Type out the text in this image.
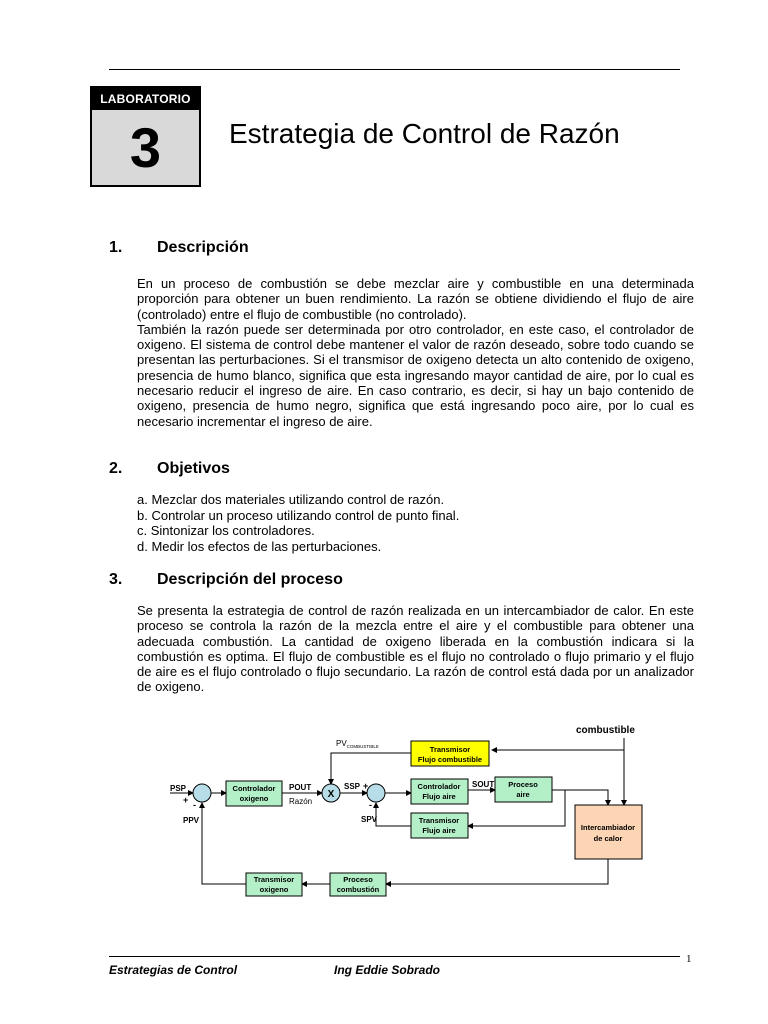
LABORATORIO
3	Estrategia de Control de Razón
1. Descripción

En un proceso de combustión se debe mezclar aire y combustible en una determinada proporción para obtener un buen rendimiento. La razón se obtiene dividiendo el flujo de aire (controlado) entre el flujo de combustible (no controlado).

También la razón puede ser determinada por otro controlador, en este caso, el controlador de oxigeno. El sistema de control debe mantener el valor de razón deseado, sobre todo cuando se presentan las perturbaciones. Si el transmisor de oxigeno detecta un alto contenido de oxigeno, presencia de humo blanco, significa que esta ingresando mayor cantidad de aire, por lo cual es necesario reducir el ingreso de aire. En caso contrario, es decir, si hay un bajo contenido de oxigeno, presencia de humo negro, significa que está ingresando poco aire, por lo cual es necesario incrementar el ingreso de aire.

2. Objetivos
a. Mezclar dos materiales utilizando control de razón.
b. Controlar un proceso utilizando control de punto final.
c. Sintonizar los controladores.
d. Medir los efectos de las perturbaciones.
3. Descripción del proceso

Se presenta la estrategia de control de razón realizada en un intercambiador de calor. En este proceso se controla la razón de la mezcla entre el aire y el combustible para obtener una adecuada combustión. La cantidad de oxigeno liberada en la combustión indicara si la combustión es optima. El flujo de combustible es el flujo no controlado o flujo primario y el flujo de aire es el flujo controlado o flujo secundario. La razón de control está dada por un analizador de oxigeno.

combustible
Transmisor
Flujo combustible
$PV_{COMBUSTIBLE}$
PSP
+ -
PPV
Controlador
oxigeno
POUT
Razón
X
SSP +
-
SPV
Controlador
Flujo aire
SOUT Proceso
aire
Transmisor
Flujo aire	Intercambiador
de calor
Proceso
combustión
Transmisor
oxigeno
1
Estrategias de Control	Ing Eddie Sobrado
